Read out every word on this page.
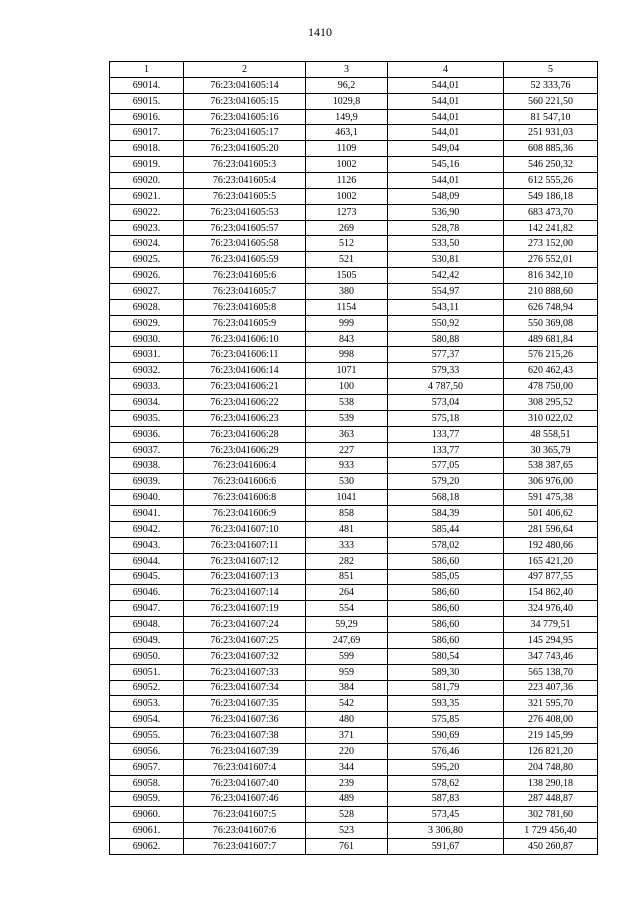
1410
1	2	3	4	5
69014.	76:23:041605:14	96,2	544,01	52 333,76
69015.	76:23:041605:15	1029,8	544,01	560 221,50
69016.	76:23:041605:16	149,9	544,01	81 547,10
69017.	76:23:041605:17	463,1	544,01	251 931,03
69018.	76:23:041605:20	1109	549,04	608 885,36
69019.	76:23:041605:3	1002	545,16	546 250,32
69020.	76:23:041605:4	1126	544,01	612 555,26
69021.	76:23:041605:5	1002	548,09	549 186,18
69022.	76:23:041605:53	1273	536,90	683 473,70
69023.	76:23:041605:57	269	528,78	142 241,82
69024.	76:23:041605:58	512	533,50	273 152,00
69025.	76:23:041605:59	521	530,81	276 552,01
69026.	76:23:041605:6	1505	542,42	816 342,10
69027.	76:23:041605:7	380	554,97	210 888,60
69028.	76:23:041605:8	1154	543,11	626 748,94
69029.	76:23:041605:9	999	550,92	550 369,08
69030.	76:23:041606:10	843	580,88	489 681,84
69031.	76:23:041606:11	998	577,37	576 215,26
69032.	76:23:041606:14	1071	579,33	620 462,43
69033.	76:23:041606:21	100	4 787,50	478 750,00
69034.	76:23:041606:22	538	573,04	308 295,52
69035.	76:23:041606:23	539	575,18	310 022,02
69036.	76:23:041606:28	363	133,77	48 558,51
69037.	76:23:041606:29	227	133,77	30 365,79
69038.	76:23:041606:4	933	577,05	538 387,65
69039.	76:23:041606:6	530	579,20	306 976,00
69040.	76:23:041606:8	1041	568,18	591 475,38
69041.	76:23:041606:9	858	584,39	501 406,62
69042.	76:23:041607:10	481	585,44	281 596,64
69043.	76:23:041607:11	333	578,02	192 480,66
69044.	76:23:041607:12	282	586,60	165 421,20
69045.	76:23:041607:13	851	585,05	497 877,55
69046.	76:23:041607:14	264	586,60	154 862,40
69047.	76:23:041607:19	554	586,60	324 976,40
69048.	76:23:041607:24	59,29	586,60	34 779,51
69049.	76:23:041607:25	247,69	586,60	145 294,95
69050.	76:23:041607:32	599	580,54	347 743,46
69051.	76:23:041607:33	959	589,30	565 138,70
69052.	76:23:041607:34	384	581,79	223 407,36
69053.	76:23:041607:35	542	593,35	321 595,70
69054.	76:23:041607:36	480	575,85	276 408,00
69055.	76:23:041607:38	371	590,69	219 145,99
69056.	76:23:041607:39	220	576,46	126 821,20
69057.	76:23:041607:4	344	595,20	204 748,80
69058.	76:23:041607:40	239	578,62	138 290,18
69059.	76:23:041607:46	489	587,83	287 448,87
69060.	76:23:041607:5	528	573,45	302 781,60
69061.	76:23:041607:6	523	3 306,80	1 729 456,40
69062.	76:23:041607:7	761	591,67	450 260,87
